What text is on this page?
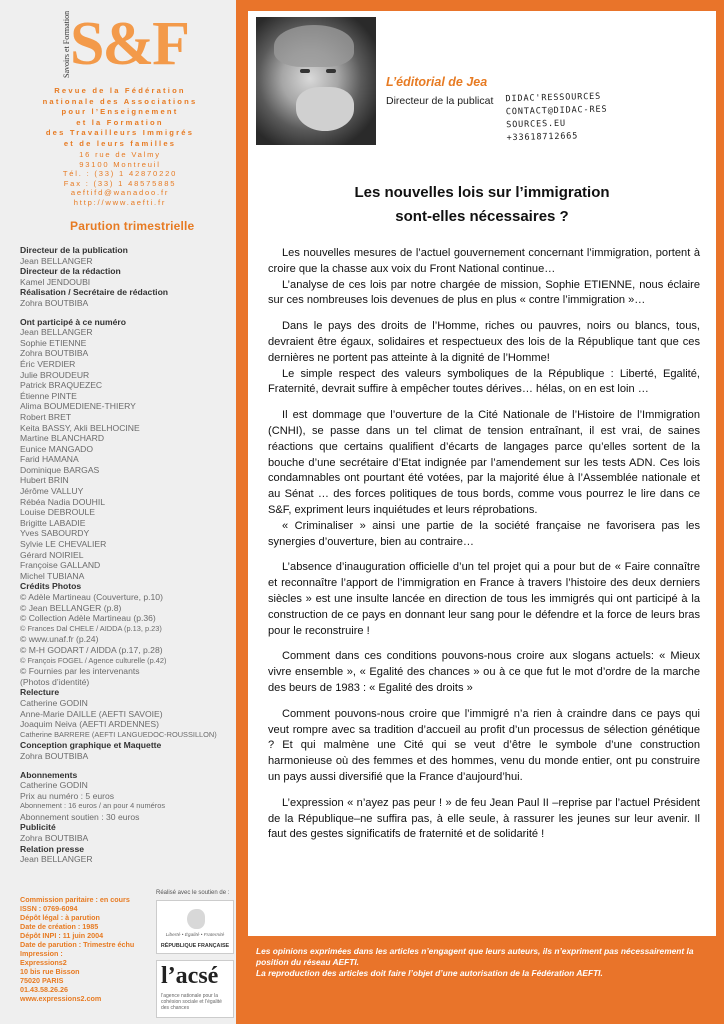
Savoirs et Formation S&F
Revue de la Fédération
nationale des Associations
pour l’Enseignement
et la Formation
des Travailleurs Immigrés
et de leurs familles
16 rue de Valmy
93100 Montreuil
Tél. : (33) 1 42870220
Fax : (33) 1 48575885
aeftifd@wanadoo.fr
http://www.aefti.fr
Parution trimestrielle
Directeur de la publication
Jean BELLANGER
Directeur de la rédaction
Kamel JENDOUBI
Réalisation / Secrétaire de rédaction
Zohra BOUTBIBA
Ont participé à ce numéro
Jean BELLANGER
Sophie ETIENNE
Zohra BOUTBIBA
Éric VERDIER
Julie BROUDEUR
Patrick BRAQUEZEC
Étienne PINTE
Alima BOUMEDIENE-THIERY
Robert BRET
Keita BASSY, Akli BELHOCINE
Martine BLANCHARD
Eunice MANGADO
Farid HAMANA
Dominique BARGAS
Hubert BRIN
Jérôme VALLUY
Rébéa Nadia DOUHIL
Louise DEBROULE
Brigitte LABADIE
Yves SABOURDY
Sylvie LE CHEVALIER
Gérard NOIRIEL
Françoise GALLAND
Michel TUBIANA
Crédits Photos
© Adèle Martineau (Couverture, p.10)
© Jean BELLANGER (p.8)
© Collection Adèle Martineau (p.36)
© Frances Dal CHELE / AIDDA (p.13, p.23)
© www.unaf.fr (p.24)
© M-H GODART / AIDDA (p.17, p.28)
© François FOGEL / Agence culturelle (p.42)
© Fournies par les intervenants
(Photos d’identité)
Relecture
Catherine GODIN
Anne-Marie DAILLE (AEFTI SAVOIE)
Joaquim Neiva (AEFTI ARDENNES)
Catherine BARRERE (AEFTI LANGUEDOC-ROUSSILLON)
Conception graphique et Maquette
Zohra BOUTBIBA
Abonnements
Catherine GODIN
Prix au numéro : 5 euros
Abonnement : 16 euros / an pour 4 numéros
Abonnement soutien : 30 euros
Publicité
Zohra BOUTBIBA
Relation presse
Jean BELLANGER
Commission paritaire : en cours
ISSN : 0769-6094
Dépôt légal : à parution
Date de création : 1985
Dépôt INPI : 11 juin 2004
Date de parution : Trimestre échu
Impression :
Expressions2
10 bis rue Bisson
75020 PARIS
01.43.58.26.26
www.expressions2.com
Réalisé avec le soutien de :
Liberté • Égalité • Fraternité
RÉPUBLIQUE FRANÇAISE
l’acsé
l’agence nationale pour la cohésion sociale et l’égalité des chances
L’éditorial de Jea
Directeur de la publicat DIDAC'RESSOURCES
CONTACT@DIDAC-RES
SOURCES.EU
+33618712665
Les nouvelles lois sur l’immigration
sont-elles nécessaires ?

Les nouvelles mesures de l’actuel gouvernement concernant l’immigration, portent à croire que la chasse aux voix du Front National continue…

L’analyse de ces lois par notre chargée de mission, Sophie ETIENNE, nous éclaire sur ces nombreuses lois devenues de plus en plus « contre l’immigration »…

Dans le pays des droits de l’Homme, riches ou pauvres, noirs ou blancs, tous, devraient être égaux, solidaires et respectueux des lois de la République tant que ces dernières ne portent pas atteinte à la dignité de l’Homme!

Le simple respect des valeurs symboliques de la République : Liberté, Egalité, Fraternité, devrait suffire à empêcher toutes dérives… hélas, on en est loin …

Il est dommage que l’ouverture de la Cité Nationale de l’Histoire de l’Immigration (CNHI), se passe dans un tel climat de tension entraînant, il est vrai, de saines réactions que certains qualifient d’écarts de langages parce qu’elles sortent de la bouche d’une secrétaire d’Etat indignée par l’amendement sur les tests ADN. Ces lois condamnables ont pourtant été votées, par la majorité élue à l’Assemblée nationale et au Sénat … des forces politiques de tous bords, comme vous pourrez le lire dans ce S&F, expriment leurs inquiétudes et leurs réprobations.

« Criminaliser » ainsi une partie de la société française ne favorisera pas les synergies d’ouverture, bien au contraire…

L’absence d’inauguration officielle d’un tel projet qui a pour but de « Faire connaître et reconnaître l’apport de l’immigration en France à travers l’histoire des deux derniers siècles » est une insulte lancée en direction de tous les immigrés qui ont participé à la construction de ce pays en donnant leur sang pour le défendre et la force de leurs bras pour le reconstruire !

Comment dans ces conditions pouvons-nous croire aux slogans actuels: « Mieux vivre ensemble », « Egalité des chances » ou à ce que fut le mot d’ordre de la marche des beurs de 1983 : « Egalité des droits »

Comment pouvons-nous croire que l’immigré n’a rien à craindre dans ce pays qui veut rompre avec sa tradition d’accueil au profit d’un processus de sélection génétique ? Et qui malmène une Cité qui se veut d’être le symbole d’une construction harmonieuse où des femmes et des hommes, venu du monde entier, ont pu construire un pays aussi diversifié que la France d’aujourd’hui.

L’expression « n’ayez pas peur ! » de feu Jean Paul II –reprise par l’actuel Président de la République–ne suffira pas, à elle seule, à rassurer les jeunes sur leur avenir. Il faut des gestes significatifs de fraternité et de solidarité !

Les opinions exprimées dans les articles n’engagent que leurs auteurs, ils n’expriment pas nécessairement la position du réseau AEFTI.

La reproduction des articles doit faire l’objet d’une autorisation de la Fédération AEFTI.
